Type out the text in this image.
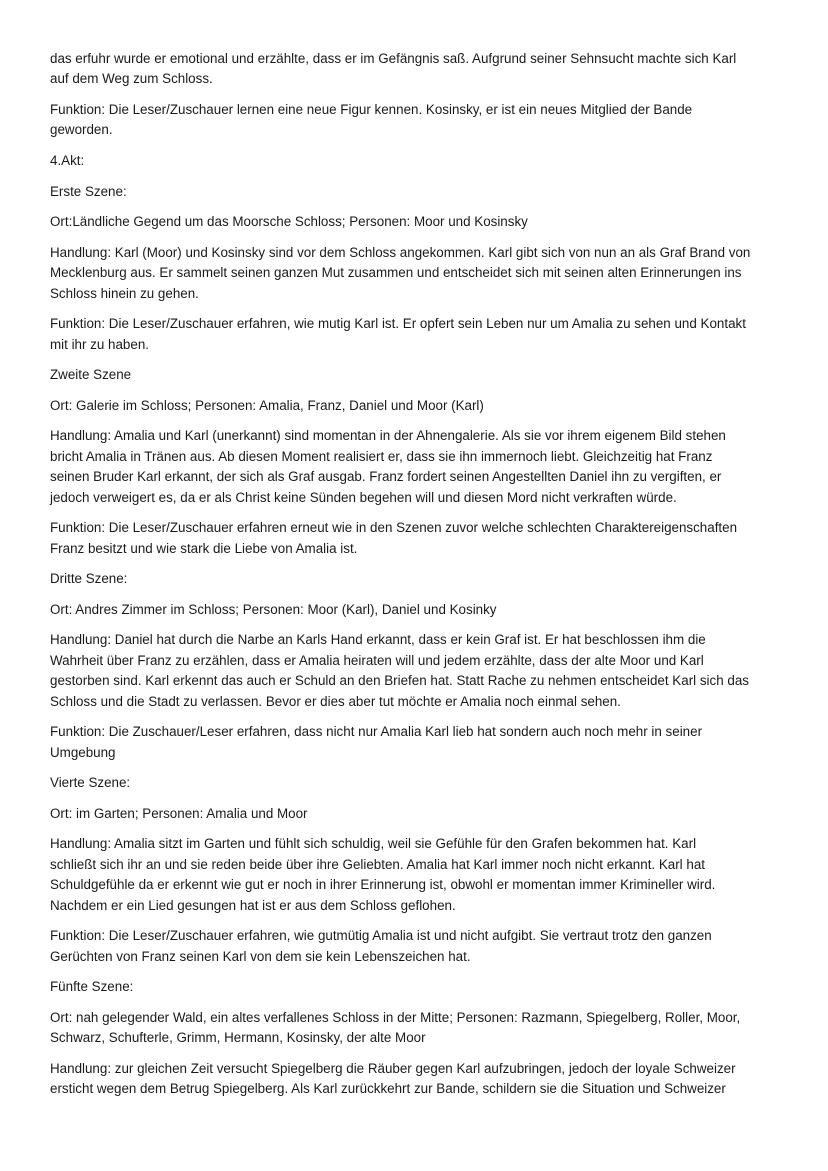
das erfuhr wurde er emotional und erzählte, dass er im Gefängnis saß. Aufgrund seiner Sehnsucht machte sich Karl
auf dem Weg zum Schloss.

Funktion: Die Leser/Zuschauer lernen eine neue Figur kennen. Kosinsky, er ist ein neues Mitglied der Bande
geworden.

4.Akt:

Erste Szene:

Ort:Ländliche Gegend um das Moorsche Schloss; Personen: Moor und Kosinsky

Handlung: Karl (Moor) und Kosinsky sind vor dem Schloss angekommen. Karl gibt sich von nun an als Graf Brand von
Mecklenburg aus. Er sammelt seinen ganzen Mut zusammen und entscheidet sich mit seinen alten Erinnerungen ins
Schloss hinein zu gehen.

Funktion: Die Leser/Zuschauer erfahren, wie mutig Karl ist. Er opfert sein Leben nur um Amalia zu sehen und Kontakt
mit ihr zu haben.

Zweite Szene

Ort: Galerie im Schloss; Personen: Amalia, Franz, Daniel und Moor (Karl)

Handlung: Amalia und Karl (unerkannt) sind momentan in der Ahnengalerie. Als sie vor ihrem eigenem Bild stehen
bricht Amalia in Tränen aus. Ab diesen Moment realisiert er, dass sie ihn immernoch liebt. Gleichzeitig hat Franz
seinen Bruder Karl erkannt, der sich als Graf ausgab. Franz fordert seinen Angestellten Daniel ihn zu vergiften, er
jedoch verweigert es, da er als Christ keine Sünden begehen will und diesen Mord nicht verkraften würde.

Funktion: Die Leser/Zuschauer erfahren erneut wie in den Szenen zuvor welche schlechten Charaktereigenschaften
Franz besitzt und wie stark die Liebe von Amalia ist.

Dritte Szene:

Ort: Andres Zimmer im Schloss; Personen: Moor (Karl), Daniel und Kosinky

Handlung: Daniel hat durch die Narbe an Karls Hand erkannt, dass er kein Graf ist. Er hat beschlossen ihm die
Wahrheit über Franz zu erzählen, dass er Amalia heiraten will und jedem erzählte, dass der alte Moor und Karl
gestorben sind. Karl erkennt das auch er Schuld an den Briefen hat. Statt Rache zu nehmen entscheidet Karl sich das
Schloss und die Stadt zu verlassen. Bevor er dies aber tut möchte er Amalia noch einmal sehen.

Funktion: Die Zuschauer/Leser erfahren, dass nicht nur Amalia Karl lieb hat sondern auch noch mehr in seiner
Umgebung

Vierte Szene:

Ort: im Garten; Personen: Amalia und Moor

Handlung: Amalia sitzt im Garten und fühlt sich schuldig, weil sie Gefühle für den Grafen bekommen hat. Karl
schließt sich ihr an und sie reden beide über ihre Geliebten. Amalia hat Karl immer noch nicht erkannt. Karl hat
Schuldgefühle da er erkennt wie gut er noch in ihrer Erinnerung ist, obwohl er momentan immer Krimineller wird.
Nachdem er ein Lied gesungen hat ist er aus dem Schloss geflohen.

Funktion: Die Leser/Zuschauer erfahren, wie gutmütig Amalia ist und nicht aufgibt. Sie vertraut trotz den ganzen
Gerüchten von Franz seinen Karl von dem sie kein Lebenszeichen hat.

Fünfte Szene:

Ort: nah gelegender Wald, ein altes verfallenes Schloss in der Mitte; Personen: Razmann, Spiegelberg, Roller, Moor,
Schwarz, Schufterle, Grimm, Hermann, Kosinsky, der alte Moor

Handlung: zur gleichen Zeit versucht Spiegelberg die Räuber gegen Karl aufzubringen, jedoch der loyale Schweizer
ersticht wegen dem Betrug Spiegelberg. Als Karl zurückkehrt zur Bande, schildern sie die Situation und Schweizer
